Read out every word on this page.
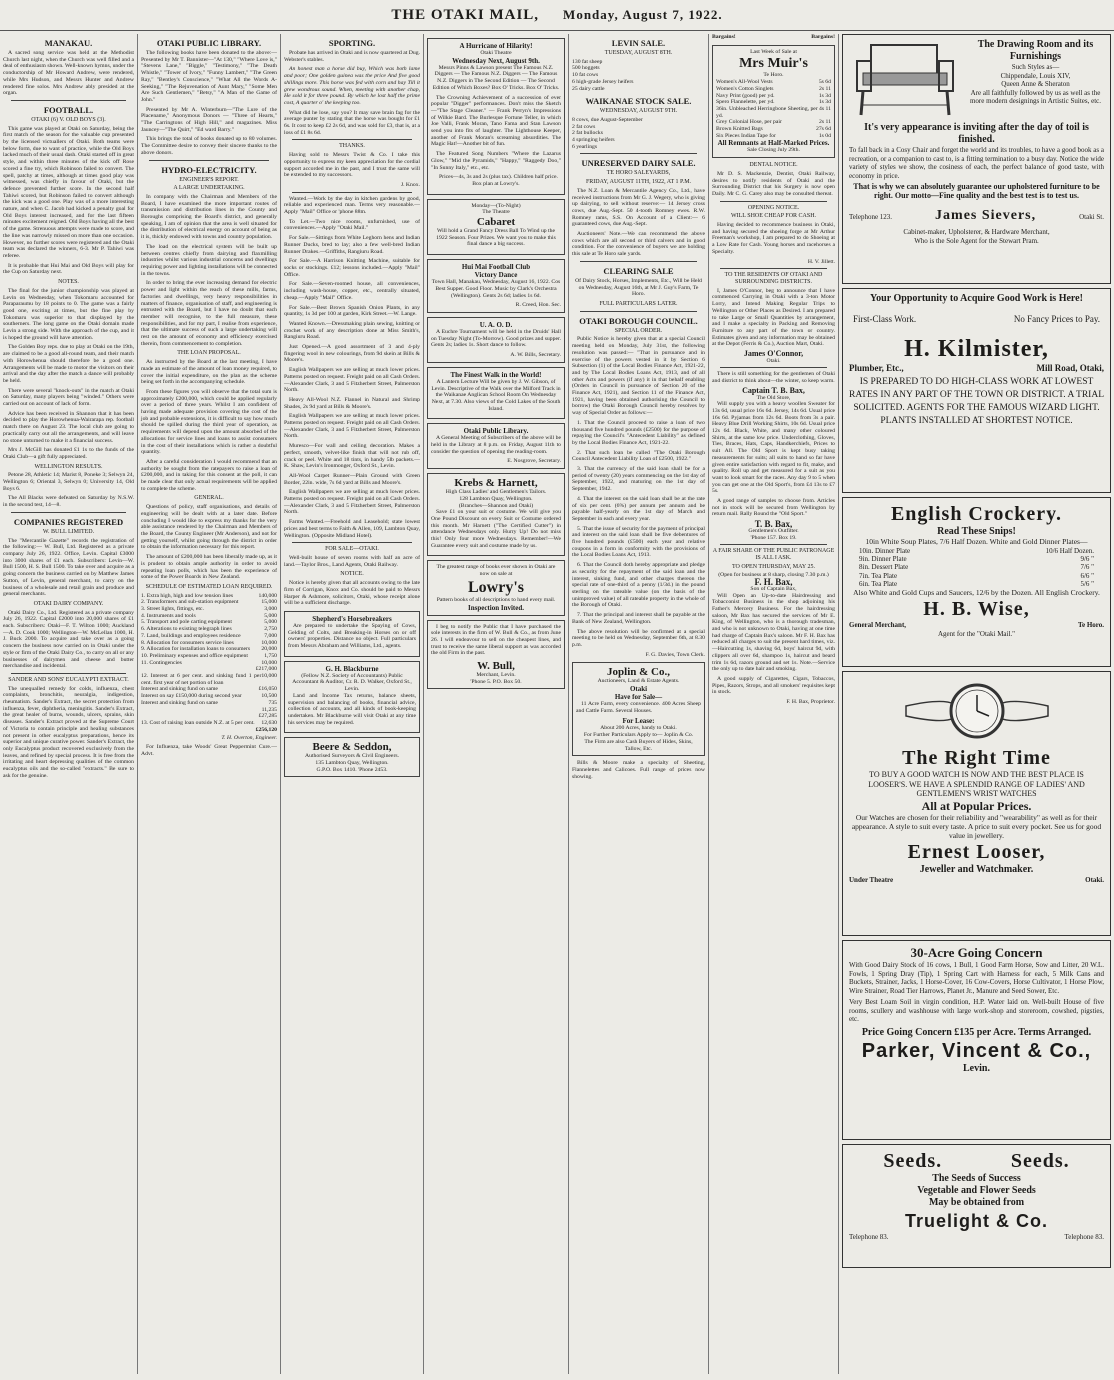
THE OTAKI MAIL, Monday, August 7, 1922.
MANAKAU.

A sacred song service was held at the Methodist Church last night, when the Church was well filled and a deal of enthusiasm shown. Well-known hymns, under the conductorship of Mr Howard Andrew, were rendered, while Mrs Hudson, and Messrs Hunter and Andrew rendered fine solos. Mrs Andrew ably presided at the organ.

FOOTBALL.
OTAKI (6) V. OLD BOYS (3).

This game was played at Otaki on Saturday, being the first match of the season for the valuable cup presented by the licensed victuallers of Otaki. Both teams were below form, due to want of practice, while the Old Boys lacked much of their usual dash. Otaki started off in great style, and within three minutes of the kick off Rose scored a fine try, which Robinson failed to convert. The spell, patchy at times, although at times good play was witnessed, was chiefly in favour of Otaki, but the defence prevented further score. In the second half Tahiwi scored, but Robinson failed to convert although the kick was a good one. Play was of a more interesting nature, and when C. Jacob had kicked a penalty goal for Old Boys interest increased, and for the last fifteen minutes excitement reigned. Old Boys having all the best of the game. Strenuous attempts were made to score, and the line was narrowly missed on more than one occasion. However, no further scores were registered and the Otaki team was declared the winners, 6-3. Mr P. Tahiwi was referee.

It is probable that Hui Mai and Old Boys will play for the Cup on Saturday next.

NOTES.

The final for the junior championship was played at Levin on Wednesday, when Tokomaru accounted for Paraparaumu by 18 points to 0. The game was a fairly good one, exciting at times, but the fine play by Tokomaru was superior to that displayed by the southerners. The long game on the Otaki domain made Levin a strong side. With the approach of the cup, and it is hoped the ground will have attention.

The Golden Boy reps. due to play at Otaki on the 19th, are claimed to be a good all-round team, and their match with Horowhenua should therefore be a good one. Arrangements will be made to motor the visitors on their arrival and the day after the match a dance will probably be held.

There were several "knock-outs" in the match at Otaki on Saturday, many players being "winded." Others were carried out on account of lack of form.

Advice has been received in Shannon that it has been decided to play the Horowhenua-Wairarapa rep. football match there on August 23. The local club are going to practically carry out all the arrangements, and will leave no stone unturned to make it a financial success.

Mrs J. McGill has donated £1 1s to the funds of the Otaki Club—a gift fully appreciated.

WELLINGTON RESULTS.

Petone 28, Athletic 14; Marist 8, Poneke 3; Selwyn 24, Wellington 6; Oriental 3, Selwyn 0; University 14, Old Boys 6.

The All Blacks were defeated on Saturday by N.S.W. in the second test, 14—8.

COMPANIES REGISTERED
W. BULL LIMITED.

The "Mercantile Gazette" records the registration of the following:— W. Bull, Ltd. Registered as a private company July 26, 1922. Office, Levin. Capital £3000 into 3000 shares of £1 each. Subscribers: Levin—W. Bull 1500, H. S. Bull 1500. To take over and acquire as a going concern the business carried on by Matthew James Sutton, of Levin, general merchant, to carry on the business of a wholesale and retail grain and produce and general merchants.

OTAKI DAIRY COMPANY.

Otaki Dairy Co., Ltd. Registered as a private company July 26, 1922. Capital £2000 into 20,000 shares of £1 each. Subscribers: Otaki—F. T. Wilton 1000; Auckland—A. D. Cook 1000; Wellington—W. McLellan 1000, H. J. Buck 2000. To acquire and take over as a going concern the business now carried on in Otaki under the style or firm of the Otaki Dairy Co., to carry on all or any businesses of dairymen and cheese and butter merchandise and incidental.

SANDER AND SONS' EUCALYPTI EXTRACT.

The unequalled remedy for colds, influenza, chest complaints, bronchitis, neuralgia, indigestion, rheumatism. Sander's Extract, the secret protection from influenza, fever, diphtheria, meningitis. Sander's Extract, the great healer of burns, wounds, ulcers, sprains, skin diseases. Sander's Extract proved at the Supreme Court of Victoria to contain principle and healing substances not present in other eucalyptus preparations, hence its superior and unique curative power. Sander's Extract, the only Eucalyptus product recovered exclusively from the leaves, and refined by special process. It is free from the irritating and heart depressing qualities of the common eucalyptus oils and the so-called "extracts." Be sure to ask for the genuine.

OTAKI PUBLIC LIBRARY.

The following books have been donated to the above:— Presented by Mr T. Bannister—"At 130," "Where Love is," "Stevens Lane," "Biggle," "Testimony," "The Death Whistle," "Tower of Ivory," "Funny Lambert," "The Green Ray," "Bentley's Conscience," "What All the Words A-Seeking," "The Rejuvenation of Aunt Mary," "Some Men Are Such Gentlemen," "Betsy," "A Man of the Game of John."

Presented by Mr A. Winterburn—"The Lure of the Placename," Anonymous Donors — "Three of Hearts," "The Carringtons of High Hill," and magazines. Miss Jauncey—"The Quirt," "Ed ward Barry."

This brings the total of books donated up to 80 volumes. The Committee desire to convey their sincere thanks to the above donors.

HYDRO-ELECTRICITY.
ENGINEER'S REPORT.
A LARGE UNDERTAKING.

In company with the Chairman and Members of the Board, I have examined the more important routes of transmission and distribution lines in the County and Boroughs comprising the Board's district, and generally speaking, I am of opinion that the area is well situated for the distribution of electrical energy on account of being as it is, thickly endowed with towns and country population.

The load on the electrical system will be built up between centres chiefly from dairying and flaxmilling industries whilst various industrial concerns and dwellings requiring power and lighting installations will be connected in the towns.

In order to bring the ever increasing demand for electric power and light within the reach of these mills, farms, factories and dwellings, very heavy responsibilities in matters of finance, organisation of staff, and engineering is entrusted with the Board, but I have no doubt that each member will recognise, to the full measure, these responsibilities, and for my part, I realise from experience, that the ultimate success of such a large undertaking will rest on the amount of economy and efficiency exercised therein, from commencement to completion.

THE LOAN PROPOSAL.

As instructed by the Board at the last meeting, I have made an estimate of the amount of loan money required, to cover the initial expenditure, on the plan as the scheme being set forth in the accompanying schedule.

From these figures you will observe that the total sum is approximately £200,000, which could be applied regularly over a period of three years. Whilst I am confident of having made adequate provision covering the cost of the job and probable extensions, it is difficult to say how much should be spilled during the third year of operation, as requirements will depend upon the amount absorbed of the allocations for service lines and loans to assist consumers in the cost of their installations which is rather a doubtful quantity.

After a careful consideration I would recommend that an authority be sought from the ratepayers to raise a loan of £200,000, and in taking for this consent at the poll, it can be made clear that only actual requirements will be applied to complete the scheme.

GENERAL.

Questions of policy, staff organisations, and details of engineering will be dealt with at a later date. Before concluding I would like to express my thanks for the very able assistance rendered by the Chairman and Members of the Board, the County Engineer (Mr Anderson), and not for getting yourself, whilst going through the district in order to obtain the information necessary for this report.

The amount of £200,000 has been liberally made up, as it is prudent to obtain ample authority in order to avoid repeating loan polls, which has been the experience of some of the Power Boards in New Zealand.

SCHEDULE OF ESTIMATED LOAN REQUIRED.
1. Extra high, high and low tension lines	140,000
2. Transformers and sub-station equipment	15,000
3. Street lights, fittings, etc.	3,000
4. Instruments and tools	5,000
5. Transport and pole carting equipment	5,000
6. Alterations to existing telegraph lines	2,750
7. Land, buildings and employees residence	7,000
8. Allocation for consumers service lines	10,000
9. Allocation for installation loans to consumers	20,000
10. Preliminary expenses and office equipment	1,750
11. Contingencies	10,000
£217,000
12. Interest at 6 per cent. and sinking fund 1 per cent. first year of net portion of loan
10,000
Interest and sinking fund on same	£16,050
Interest on say £150,000 during second year	10,500
Interest and sinking fund on same	735
11,235
£27,285
13. Cost of raising loan outside N.Z. at 5 per cent.	12,630
£256,120
T. H. Overton, Engineer.

For Influenza, take Woods' Great Peppermint Cure.—Advt.

SPORTING.

Probate has arrived in Otaki and is now quartered at Dug. Webster's stables.

An honest man a horse did buy, Which was both lame and poor; One golden guinea was the price And five good shillings more. This horse was fed with corn and hay Till it grew wondrous sound. When, meeting with another chap, He sold it for three pound. By which he lost half the prime cost, A quarter o' the keeping too.

What did he lose, say you? It may save brain fag for the average punter by stating that the horse was bought for £1 6s. It cost to keep £2 2s 6d, and was sold for £3, that is, at a loss of £1 8s 6d.

THANKS.

Having sold to Messrs Twist & Co. I take this opportunity to express my keen appreciation for the cordial support accorded me in the past, and I trust the same will be extended to my successors.

J. Knox.

Wanted.—Work by the day in kitchen gardens by good, reliable and experienced man. Terms very reasonable.—Apply "Mail" Office or 'phone 88m.

To Let.—Two nice rooms, unfurnished, use of conveniences.—Apply "Otaki Mail."

For Sale.—Sittings from White Leghorn hens and Indian Runner Ducks, bred to lay; also a few well-bred Indian Runner Drakes.—Griffiths, Rangiuru Road.

For Sale.—A Harrison Knitting Machine, suitable for socks or stockings. £12; lessons included.—Apply "Mail" Office.

For Sale.—Seven-roomed house, all conveniences, including wash-house, copper, etc., centrally situated, cheap.—Apply "Mail" Office.

For Sale.—Best Brown Spanish Onion Plants, in any quantity, 1s 3d per 100 at garden, Kirk Street.—W. Lange.

Wanted Known.—Dressmaking plain sewing, knitting or crochet work of any description done at Miss Smith's, Rangiuru Road.

Just Opened.—A good assortment of 3 and 4-ply fingering wool in new colourings, from 9d skein at Bills & Moore's.

English Wallpapers we are selling at much lower prices. Patterns posted on request. Freight paid on all Cash Orders.—Alexander Clark, 3 and 5 Fitzherbert Street, Palmerston North.

Heavy All-Wool N.Z. Flannel in Natural and Shrimp Shades, 2s 9d yard at Bills & Moore's.

English Wallpapers we are selling at much lower prices. Patterns posted on request. Freight paid on all Cash Orders.—Alexander Clark, 3 and 5 Fitzherbert Street, Palmerston North.

Muresco—For wall and ceiling decoration. Makes a perfect, smooth, velvet-like finish that will not rub off, crack or peel. White and 18 tints, in handy 5lb packets.—K. Shaw, Levin's Ironmonger, Oxford St., Levin.

All-Wool Carpet Runner—Plain Ground with Green Border, 22in. wide, 7s 6d yard at Bills and Moore's.

English Wallpapers we are selling at much lower prices. Patterns posted on request. Freight paid on all Cash Orders.—Alexander Clark, 3 and 5 Fitzherbert Street, Palmerston North.

Farms Wanted.—Freehold and Leasehold; state lowest prices and best terms to Faith & Allen, 109, Lambton Quay, Wellington. (Opposite Midland Hotel).

FOR SALE—OTAKI.

Well-built house of seven rooms with half an acre of land.—Taylor Bros., Land Agents, Otaki Railway.

NOTICE.

Notice is hereby given that all accounts owing to the late firm of Corrigan, Knox and Co. should be paid to Messrs Harper & Ashmore, solicitors, Otaki, whose receipt alone will be a sufficient discharge.

Shepherd's Horsebreakers

Are prepared to undertake the Spaying of Cows, Gelding of Colts, and Breaking-in Horses on or off owners' properties. Distance no object. Full particulars from Messrs Abraham and Williams, Ltd., agents.

G. H. Blackburne
(Fellow N.Z. Society of Accountants) Public Accountant & Auditor, Cr. R. D. Walker, Oxford St., Levin.

Land and Income Tax returns, balance sheets, supervision and balancing of books, financial advice, collection of accounts, and all kinds of book-keeping undertaken. Mr Blackburne will visit Otaki at any time his services may be required.

Beere & Seddon,
Authorised Surveyors & Civil Engineers.
135 Lambton Quay, Wellington.
G.P.O. Box 1410. 'Phone 2453.
A Hurricane of Hilarity!
Otaki Theatre
Wednesday Next, August 9th.

Messrs Pinns & Lawson present The Famous N.Z. Diggers — The Famous N.Z. Diggers — The Famous N.Z. Diggers in The Second Edition — The Second Edition of Which Boxes? Box O' Tricks. Box O' Tricks.

The Crowning Achievement of a succession of ever popular "Digger" performances. Don't miss the Sketch—"The Stage Cleaner." — Frank Perryn's Impressions of Wilkie Bard. The Burlesque Fortune Teller, in which Joe Valli, Frank Moran, Tano Fama and Stan Lawson send you into fits of laughter. The Lighthouse Keeper, another of Frank Moran's screaming absurdities. The Magic Hat!—Another bit of fun.

The Featured Song Numbers "Where the Lazarus Glow," "Mid the Pyramids," "Happy," "Raggedy Doo," "In Sunny Italy," etc., etc.

Prices—4s, 3s and 2s (plus tax). Children half price. Box plan at Lowry's.

Monday—(To-Night)
The Theatre
Cabaret

Will hold a Grand Fancy Dress Ball To Wind up the 1922 Season. Four Prizes. We want you to make this final dance a big success.

Hui Mai Football Club
Victory Dance

Town Hall, Manakau, Wednesday, August 16, 1922. Cos Best Supper. Good Floor. Music by Clark's Orchestra (Wellington). Gents 2s 6d; ladies 1s 6d.

R. Creed, Hon. Sec.
U. A. O. D.

A Euchre Tournament will be held in the Druids' Hall on Tuesday Night (To-Morrow). Good prizes and supper. Gents 2s; ladies 1s. Short dance to follow.

A. W. Bills, Secretary.
The Finest Walk in the World!

A Lantern Lecture Will be given by J. W. Gibson, of Levin. Descriptive of the Walk over the Milford Track in the Waikanae Anglican School Room On Wednesday Next, at 7.30. Also views of the Cold Lakes of the South Island.

Otaki Public Library.

A General Meeting of Subscribers of the above will be held in the Library at 8 p.m. on Friday, August 11th to consider the question of opening the reading-room.

E. Nosgrove, Secretary.
Krebs & Harnett,
High Class Ladies' and Gentlemen's Tailors.
128 Lambton Quay, Wellington.
(Branches—Shannon and Otaki)

Save £1 on your suit or costume. We will give you One Pound Discount on every Suit or Costume ordered this month. Mr Harnett ("The Certified Cutter") in attendance Wednesdays only. Hurry Up! Do not miss this! Only four more Wednesdays. Remember!—We Guarantee every suit and costume made by us.

The greatest range of books ever shown in Otaki are now on sale at
Lowry's
Pattern books of all descriptions to hand every mail.
Inspection Invited.

I beg to notify the Public that I have purchased the sole interests in the firm of W. Bull & Co., as from June 26. I will endeavour to sell on the cheapest lines, and trust to receive the same liberal support as was accorded the old Firm in the past.

W. Bull,
Merchant, Levin.
'Phone 5. P.O. Box 50.
LEVIN SALE.
TUESDAY, AUGUST 8TH.
130 fat sheep
500 hoggets
10 fat cows
6 high-grade Jersey heifers
25 dairy cattle
WAIKANAE STOCK SALE.
WEDNESDAY, AUGUST 9TH.
8 cows, due August-September
2 fat cows
2 fat bullocks
4 springing heifers
6 yearlings
UNRESERVED DAIRY SALE.
TE HORO SALEYARDS,
FRIDAY, AUGUST 11TH, 1922, AT 1 P.M.

The N.Z. Loan & Mercantile Agency Co., Ltd., have received instructions from Mr G. J. Wegery, who is giving up dairying, to sell without reserve:— 14 Jersey cross cows, due Aug.-Sept. 50 4-tooth Romney ewes. R.W. Romney rams, S.S. On Account of a Client:— 6 guaranteed cows, due Aug.-Sept.

Auctioneers' Note.—We can recommend the above cows which are all second or third calvers and in good condition. For the convenience of buyers we are holding this sale at Te Horo sale yards.

CLEARING SALE

Of Dairy Stock, Horses, Implements, Etc., Will be Held on Wednesday, August 16th, at Mr J. Guy's Farm, Te Horo.

FULL PARTICULARS LATER.
OTAKI BOROUGH COUNCIL.
SPECIAL ORDER.

Public Notice is hereby given that at a special Council meeting held on Monday, July 31st, the following resolution was passed:— "That in pursuance and in exercise of the powers vested in it by Section 6 Subsection (1) of the Local Bodies Finance Act, 1921-22, and by The Local Bodies Loans Act, 1913, and of all other Acts and powers (if any) it in that behalf enabling (Orders in Council in pursuance of Section 20 of the Finance Act, 1921), and Section 11 of the Finance Act, 1921, having been obtained authorising the Council to borrow) the Otaki Borough Council hereby resolves by way of Special Order as follows:—

1. That the Council proceed to raise a loan of two thousand five hundred pounds (£2500) for the purpose of repaying the Council's "Antecedent Liability" as defined by the Local Bodies Finance Act, 1921-22.

2. That such loan be called "The Otaki Borough Council Antecedent Liability Loan of £2500, 1922."

3. That the currency of the said loan shall be for a period of twenty (20) years commencing on the 1st day of September, 1922, and maturing on the 1st day of September, 1942.

4. That the interest on the said loan shall be at the rate of six per cent. (6%) per annum per annum and be payable half-yearly on the 1st day of March and September in each and every year.

5. That the issue of security for the payment of principal and interest on the said loan shall be five debentures of five hundred pounds (£500) each year and relative coupons in a form in conformity with the provisions of the Local Bodies Loans Act, 1913.

6. That the Council doth hereby appropriate and pledge as security for the repayment of the said loan and the interest, sinking fund, and other charges thereon the special rate of one-third of a penny (1/3d.) in the pound sterling on the rateable value (on the basis of the unimproved value) of all rateable property in the whole of the Borough of Otaki.

7. That the principal and interest shall be payable at the Bank of New Zealand, Wellington.

The above resolution will be confirmed at a special meeting to be held on Wednesday, September 6th, at 8.30 p.m.

F. G. Davies, Town Clerk.
Joplin & Co.,
Auctioneers, Land & Estate Agents.
Otaki
Have for Sale—

11 Acre Farm, every convenience. 400 Acres Sheep and Cattle Farm. Several Houses.

For Lease:
About 200 Acres, handy to Otaki.
For Further Particulars Apply to— Joplin & Co.
The Firm are also Cash Buyers of Hides, Skins, Tallow, Etc.

Bills & Moore make a specialty of Sheeting, Flannelettes and Calicoes. Full range of prices now showing.

Bargains!	Bargains!
Last Week of Sale at
Mrs Muir's
Te Horo.
Women's All-Wool Vests	5s 6d
Women's Cotton Singlets	2s 11
Navy Print (good) per yd.	1s 3d
Spero Flannelette, per yd.	1s 3d
36in. Unbleached Herringbone Sheeting, per yd.
4s 11
Grey Colonial Hose, per pair	2s 11
Brown Knitted Bags	27s 6d
Six Pieces Indian Tape for	1s 0d
All Remnants at Half-Marked Prices.
Sale Closing July 29th.
DENTAL NOTICE.

Mr D. S. Mackenzie, Dentist, Otaki Railway, desires to notify residents of Otaki and the Surrounding District that his Surgery is now open Daily. Mr C. G. Carey also may be consulted thereat.

OPENING NOTICE.
WILL SHOE CHEAP FOR CASH.

Having decided to recommence business in Otaki, and having secured the shoeing forge at Mr Arthur Freeman's workshop, I am prepared to do Shoeing at a Low Rate for Cash. Young horses and racehorses a Specialty.

H. V. Jillett.
TO THE RESIDENTS OF OTAKI AND SURROUNDING DISTRICTS.

I, James O'Connor, beg to announce that I have commenced Carrying in Otaki with a 3-ton Motor Lorry, and Intend Making Regular Trips to Wellington or Other Places as Desired. I am prepared to take Large or Small Quantities by arrangement, and I make a specialty in Packing and Removing Furniture to any part of the town or country. Estimates given and any information may be obtained at the Depot (Ferris & Co.), Auction Mart, Otaki.

James O'Connor,
Otaki.

There is still something for the gentlemen of Otaki and district to think about—the winter, so keep warm.

Captain T. B. Bax,
The Old Store,

Will supply you with a heavy woollen Sweater for 13s 6d, usual price 16s 6d. Jersey, 14s 6d. Usual price 16s 6d. Pyjamas from 12s 6d. Boots from 3s a pair. Heavy Blue Drill Working Shirts, 10s 6d. Usual price 12s 6d. Black, White, and many other coloured Shirts, at the same low price. Underclothing, Gloves, Ties, Braces, Hats, Caps, Handkerchiefs, Prices to suit All. The Old Sport is kept busy taking measurements for suits; all suits to hand so far have given entire satisfaction with regard to fit, make, and quality. Roll up and get measured for a suit as you want to look smart for the races. Any day 9 to 5 when you can get one at the Old Sport's, from £4 13s to £7 5s.

A good range of samples to choose from. Articles not in stock will be secured from Wellington by return mail. Rally Round the "Old Sport."

T. B. Bax,
Gentlemen's Outfitter.
'Phone 157. Box 19.
A FAIR SHARE OF THE PUBLIC PATRONAGE IS ALL I ASK.
TO OPEN THURSDAY, MAY 25.
(Open for business at 8 sharp, closing 7.30 p.m.)
F. H. Bax,
Son of Captain Bax,

Will Open an Up-to-date Hairdressing and Tobacconist Business in the shop adjoining his Father's Mercery Business. For the hairdressing saloon, Mr Bax has secured the services of Mr E. King, of Wellington, who is a thorough tradesman, and who is not unknown to Otaki, having at one time had charge of Captain Bax's saloon. Mr F. H. Bax has reduced all charges to suit the present hard times, viz.—Haircutting 1s, shaving 6d, boys' haircut 9d, with clippers all over 6d, shampoo 1s, haircut and beard trim 1s 6d, razors ground and set 1s. Note.—Service the only up to date hair and smoking.

A good supply of Cigarettes, Cigars, Tobaccos, Pipes, Razors, Strops, and all smokers' requisites kept in stock.

F. H. Bax, Proprietor.
The Drawing Room and its Furnishings
Such Styles as—
Chippendale, Louis XIV,
Queen Anne & Sheraton
Are all faithfully followed by us as well as the more modern designings in Artistic Suites, etc.
It's very appearance is inviting after the day of toil is finished.
To fall back in a Cosy Chair and forget the world and its troubles, to have a good book as a recreation, or a companion to cast to, is a fitting termination to a busy day. Notice the wide variety of styles we show, the cosiness of each, the perfect balance of good taste, with economy in price.
That is why we can absolutely guarantee our upholstered furniture to be right. Our motto—Fine quality and the best test is to test us.
Telephone 123.	James Sievers,	Otaki St.
Cabinet-maker, Upholsterer, & Hardware Merchant,
Who is the Sole Agent for the Stewart Pram.
Your Opportunity to Acquire Good Work is Here!
First-Class Work.	No Fancy Prices to Pay.
H. Kilmister,
Plumber, Etc.,	Mill Road, Otaki,
IS PREPARED TO DO HIGH-CLASS WORK AT LOWEST RATES IN ANY PART OF THE TOWN OR DISTRICT. A TRIAL SOLICITED. AGENTS FOR THE FAMOUS WIZARD LIGHT. PLANTS INSTALLED AT SHORTEST NOTICE.
English Crockery.
Read These Snips!
10in White Soup Plates, 7/6 Half Dozen. White and Gold Dinner Plates—
10in. Dinner Plate	10/6 Half Dozen.
9in. Dinner Plate	9/6 "
8in. Dessert Plate	7/6 "
7in. Tea Plate	6/6 "
6in. Tea Plate	5/6 "
Also White and Gold Cups and Saucers, 12/6 by the Dozen. All English Crockery.
H. B. Wise,
General Merchant,	Te Horo.
Agent for the "Otaki Mail."
The Right Time
TO BUY A GOOD WATCH IS NOW AND THE BEST PLACE IS LOOSER'S. WE HAVE A SPLENDID RANGE OF LADIES' AND GENTLEMEN'S WRIST WATCHES
All at Popular Prices.
Our Watches are chosen for their reliability and "wearability" as well as for their appearance. A style to suit every taste. A price to suit every pocket. See us for good value in jewellery.
Ernest Looser,
Jeweller and Watchmaker.
Under Theatre	Otaki.
30-Acre Going Concern
With Good Dairy Stock of 16 cows, 1 Bull, 1 Good Farm Horse, Sow and Litter, 20 W.L. Fowls, 1 Spring Dray (Tip), 1 Spring Cart with Harness for each, 5 Milk Cans and Buckets, Strainer, Jacks, 1 Horse-Cover, 16 Cow-Covers, Horse Cultivator, 1 Horse Plow, Wire Strainer, Road Tier Harrows, Planet Jr., Manure and Seed Sower, Etc.
Very Best Loam Soil in virgin condition, H.P. Water laid on. Well-built House of five rooms, scullery and washhouse with large work-shop and storeroom, cowshed, pigsties, etc.
Price Going Concern £135 per Acre. Terms Arranged.
Parker, Vincent & Co.,
Levin.
Seeds.	Seeds.
The Seeds of Success
Vegetable and Flower Seeds
May be obtained from
Truelight & Co.
Telephone 83.	Telephone 83.
